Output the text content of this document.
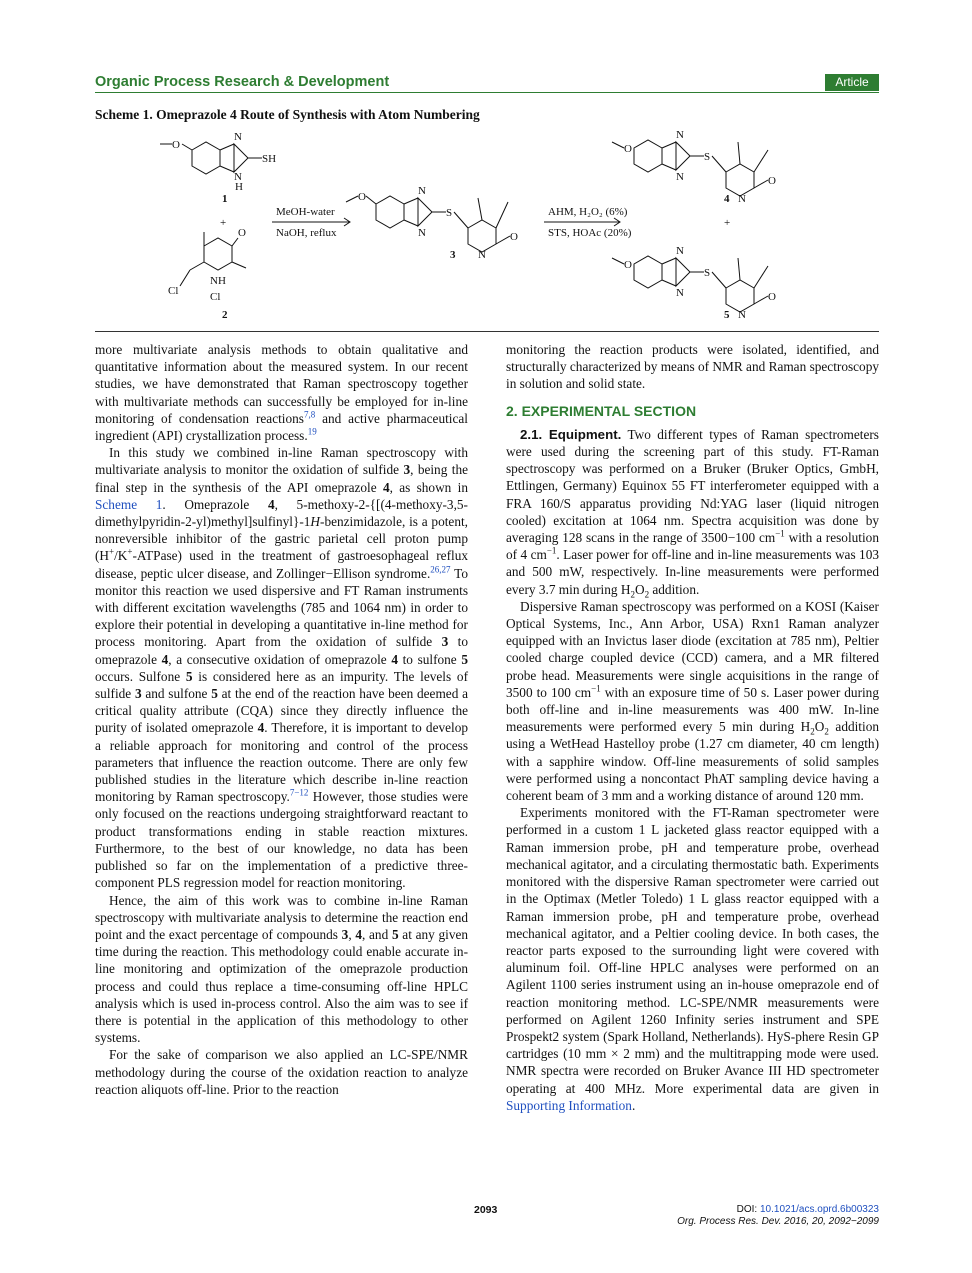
Organic Process Research & Development	Article
Scheme 1. Omeprazole 4 Route of Synthesis with Atom Numbering
O
N
SH
N
H
1
+
O
Cl
NH
Cl
2
MeOH-water
NaOH, reflux
O	N
N
S
O
N
3
AHM, H₂O₂ (6%)
STS, HOAc (20%)
O
N
N
S
O
N
4
+
O
N
N
S
O
N
5

more multivariate analysis methods to obtain qualitative and quantitative information about the measured system. In our recent studies, we have demonstrated that Raman spectroscopy together with multivariate methods can successfully be employed for in-line monitoring of condensation reactions$^{7,8}$ and active pharmaceutical ingredient (API) crystallization process.$^{19}$

In this study we combined in-line Raman spectroscopy with multivariate analysis to monitor the oxidation of sulfide 3, being the final step in the synthesis of the API omeprazole 4, as shown in Scheme 1. Omeprazole 4, 5-methoxy-2-{[(4-methoxy-3,5-dimethylpyridin-2-yl)methyl]sulfinyl}-1H-benzimidazole, is a potent, nonreversible inhibitor of the gastric parietal cell proton pump (H+/K+-ATPase) used in the treatment of gastroesophageal reflux disease, peptic ulcer disease, and Zollinger−Ellison syndrome.$^{26,27}$ To monitor this reaction we used dispersive and FT Raman instruments with different excitation wavelengths (785 and 1064 nm) in order to explore their potential in developing a quantitative in-line method for process monitoring. Apart from the oxidation of sulfide 3 to omeprazole 4, a consecutive oxidation of omeprazole 4 to sulfone 5 occurs. Sulfone 5 is considered here as an impurity. The levels of sulfide 3 and sulfone 5 at the end of the reaction have been deemed a critical quality attribute (CQA) since they directly influence the purity of isolated omeprazole 4. Therefore, it is important to develop a reliable approach for monitoring and control of the process parameters that influence the reaction outcome. There are only few published studies in the literature which describe in-line reaction monitoring by Raman spectroscopy.$^{7-12}$ However, those studies were only focused on the reactions undergoing straightforward reactant to product transformations ending in stable reaction mixtures. Furthermore, to the best of our knowledge, no data has been published so far on the implementation of a predictive three-component PLS regression model for reaction monitoring.

Hence, the aim of this work was to combine in-line Raman spectroscopy with multivariate analysis to determine the reaction end point and the exact percentage of compounds 3, 4, and 5 at any given time during the reaction. This methodology could enable accurate in-line monitoring and optimization of the omeprazole production process and could thus replace a time-consuming off-line HPLC analysis which is used in-process control. Also the aim was to see if there is potential in the application of this methodology to other systems.

For the sake of comparison we also applied an LC-SPE/NMR methodology during the course of the oxidation reaction to analyze reaction aliquots off-line. Prior to the reaction

monitoring the reaction products were isolated, identified, and structurally characterized by means of NMR and Raman spectroscopy in solution and solid state.

2. EXPERIMENTAL SECTION

2.1. Equipment. Two different types of Raman spectrometers were used during the screening part of this study. FT-Raman spectroscopy was performed on a Bruker (Bruker Optics, GmbH, Ettlingen, Germany) Equinox 55 FT interferometer equipped with a FRA 160/S apparatus providing Nd:YAG laser (liquid nitrogen cooled) excitation at 1064 nm. Spectra acquisition was done by averaging 128 scans in the range of 3500−100 $cm^{-1}$ with a resolution of 4 $cm^{-1}$. Laser power for off-line and in-line measurements was 103 and 500 mW, respectively. In-line measurements were performed every 3.7 min during $H_2O_2$ addition.

Dispersive Raman spectroscopy was performed on a KOSI (Kaiser Optical Systems, Inc., Ann Arbor, USA) Rxn1 Raman analyzer equipped with an Invictus laser diode (excitation at 785 nm), Peltier cooled charge coupled device (CCD) camera, and a MR filtered probe head. Measurements were single acquisitions in the range of 3500 to 100 $cm^{-1}$ with an exposure time of 50 s. Laser power during both off-line and in-line measurements was 400 mW. In-line measurements were performed every 5 min during $H_2O_2$ addition using a WetHead Hastelloy probe (1.27 cm diameter, 40 cm length) with a sapphire window. Off-line measurements of solid samples were performed using a noncontact PhAT sampling device having a coherent beam of 3 mm and a working distance of around 120 mm.

Experiments monitored with the FT-Raman spectrometer were performed in a custom 1 L jacketed glass reactor equipped with a Raman immersion probe, pH and temperature probe, overhead mechanical agitator, and a circulating thermostatic bath. Experiments monitored with the dispersive Raman spectrometer were carried out in the Optimax (Metler Toledo) 1 L glass reactor equipped with a Raman immersion probe, pH and temperature probe, overhead mechanical agitator, and a Peltier cooling device. In both cases, the reactor parts exposed to the surrounding light were covered with aluminum foil. Off-line HPLC analyses were performed on an Agilent 1100 series instrument using an in-house omeprazole end of reaction monitoring method. LC-SPE/NMR measurements were performed on Agilent 1260 Infinity series instrument and SPE Prospekt2 system (Spark Holland, Netherlands). HyS-phere Resin GP cartridges (10 mm × 2 mm) and the multitrapping mode were used. NMR spectra were recorded on Bruker Avance III HD spectrometer operating at 400 MHz. More experimental data are given in Supporting Information.

2093	DOI: 10.1021/acs.oprd.6b00323
Org. Process Res. Dev. 2016, 20, 2092−2099
